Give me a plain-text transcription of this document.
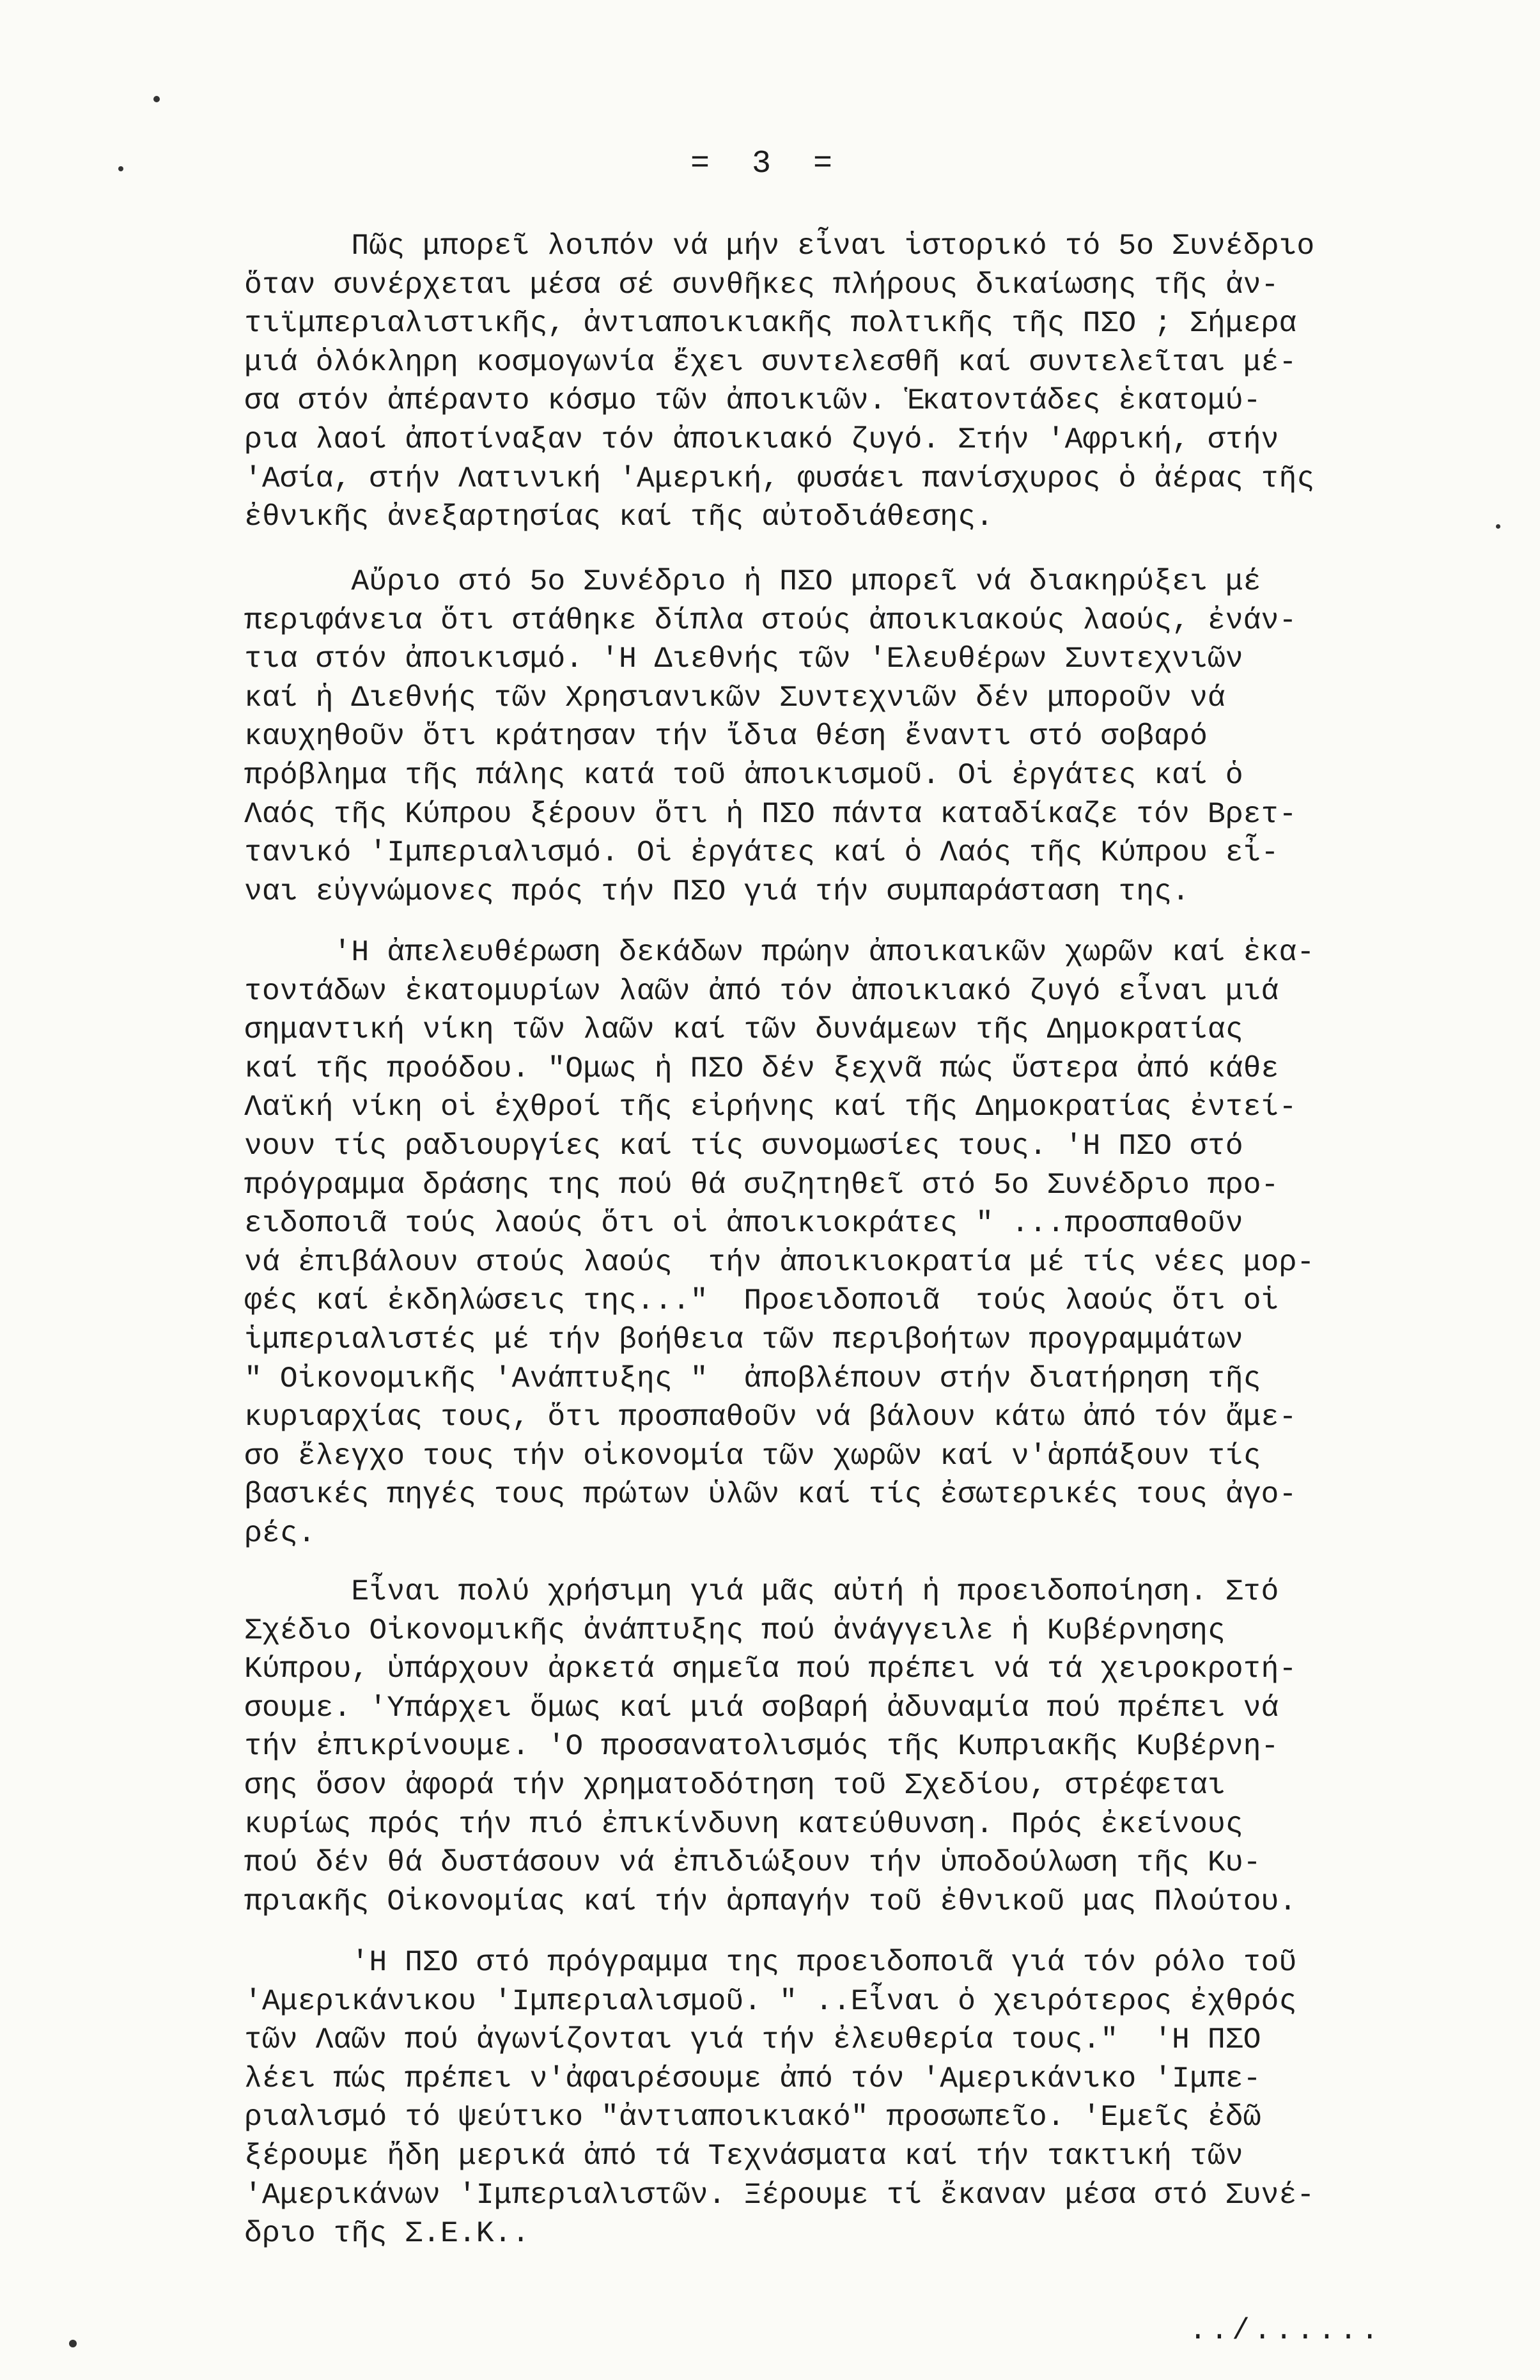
= 3 =

Πῶς μπορεῖ λοιπόν νά μήν εἶναι ἱστορικό τό 5ο Συνέδριο
ὅταν συνέρχεται μέσα σέ συνθῆκες πλήρους δικαίωσης τῆς ἀν-
τιϊμπεριαλιστικῆς, ἀντιαποικιακῆς πολτικῆς τῆς ΠΣΟ ; Σήμερα
μιά ὁλόκληρη κοσμογωνία ἔχει συντελεσθῆ καί συντελεῖται μέ-
σα στόν ἀπέραντο κόσμο τῶν ἀποικιῶν. Ἑκατοντάδες ἑκατομύ-
ρια λαοί ἀποτίναξαν τόν ἀποικιακό ζυγό. Στήν 'Αφρική, στήν
'Ασία, στήν Λατινική 'Αμερική, φυσάει πανίσχυρος ὁ ἀέρας τῆς
ἐθνικῆς ἀνεξαρτησίας καί τῆς αὐτοδιάθεσης.

Αὔριο στό 5ο Συνέδριο ἡ ΠΣΟ μπορεῖ νά διακηρύξει μέ
περιφάνεια ὅτι στάθηκε δίπλα στούς ἀποικιακούς λαούς, ἐνάν-
τια στόν ἀποικισμό. 'Η Διεθνής τῶν 'Ελευθέρων Συντεχνιῶν
καί ἡ Διεθνής τῶν Χρησιανικῶν Συντεχνιῶν δέν μποροῦν νά
καυχηθοῦν ὅτι κράτησαν τήν ἴδια θέση ἔναντι στό σοβαρό
πρόβλημα τῆς πάλης κατά τοῦ ἀποικισμοῦ. Οἱ ἐργάτες καί ὁ
Λαός τῆς Κύπρου ξέρουν ὅτι ἡ ΠΣΟ πάντα καταδίκαζε τόν Βρετ-
τανικό 'Ιμπεριαλισμό. Οἱ ἐργάτες καί ὁ Λαός τῆς Κύπρου εἶ-
ναι εὐγνώμονες πρός τήν ΠΣΟ γιά τήν συμπαράσταση της.

'Η ἀπελευθέρωση δεκάδων πρώην ἀποικαικῶν χωρῶν καί ἑκα-
τοντάδων ἑκατομυρίων λαῶν ἀπό τόν ἀποικιακό ζυγό εἶναι μιά
σημαντική νίκη τῶν λαῶν καί τῶν δυνάμεων τῆς Δημοκρατίας
καί τῆς προόδου. "Ομως ἡ ΠΣΟ δέν ξεχνᾶ πώς ὕστερα ἀπό κάθε
Λαϊκή νίκη οἱ ἐχθροί τῆς εἰρήνης καί τῆς Δημοκρατίας ἐντεί-
νουν τίς ραδιουργίες καί τίς συνομωσίες τους. 'Η ΠΣΟ στό
πρόγραμμα δράσης της πού θά συζητηθεῖ στό 5ο Συνέδριο προ-
ειδοποιᾶ τούς λαούς ὅτι οἱ ἀποικιοκράτες " ...προσπαθοῦν
νά ἐπιβάλουν στούς λαούς  τήν ἀποικιοκρατία μέ τίς νέες μορ-
φές καί ἐκδηλώσεις της..."  Προειδοποιᾶ  τούς λαούς ὅτι οἱ
ἱμπεριαλιστές μέ τήν βοήθεια τῶν περιβοήτων προγραμμάτων
" Οἰκονομικῆς 'Ανάπτυξης "  ἀποβλέπουν στήν διατήρηση τῆς
κυριαρχίας τους, ὅτι προσπαθοῦν νά βάλουν κάτω ἀπό τόν ἄμε-
σο ἔλεγχο τους τήν οἰκονομία τῶν χωρῶν καί ν'ἁρπάξουν τίς
βασικές πηγές τους πρώτων ὑλῶν καί τίς ἐσωτερικές τους ἀγο-
ρές.

Εἶναι πολύ χρήσιμη γιά μᾶς αὐτή ἡ προειδοποίηση. Στό
Σχέδιο Οἰκονομικῆς ἀνάπτυξης πού ἀνάγγειλε ἡ Κυβέρνησης
Κύπρου, ὑπάρχουν ἀρκετά σημεῖα πού πρέπει νά τά χειροκροτή-
σουμε. 'Υπάρχει ὅμως καί μιά σοβαρή ἀδυναμία πού πρέπει νά
τήν ἐπικρίνουμε. 'Ο προσανατολισμός τῆς Κυπριακῆς Κυβέρνη-
σης ὅσον ἀφορά τήν χρηματοδότηση τοῦ Σχεδίου, στρέφεται
κυρίως πρός τήν πιό ἐπικίνδυνη κατεύθυνση. Πρός ἐκείνους
πού δέν θά δυστάσουν νά ἐπιδιώξουν τήν ὑποδούλωση τῆς Κυ-
πριακῆς Οἰκονομίας καί τήν ἁρπαγήν τοῦ ἐθνικοῦ μας Πλούτου.

'Η ΠΣΟ στό πρόγραμμα της προειδοποιᾶ γιά τόν ρόλο τοῦ
'Αμερικάνικου 'Ιμπεριαλισμοῦ. " ..Εἶναι ὁ χειρότερος ἐχθρός
τῶν Λαῶν πού ἀγωνίζονται γιά τήν ἐλευθερία τους."  'Η ΠΣΟ
λέει πώς πρέπει ν'ἀφαιρέσουμε ἀπό τόν 'Αμερικάνικο 'Ιμπε-
ριαλισμό τό ψεύτικο "ἀντιαποικιακό" προσωπεῖο. 'Εμεῖς ἐδῶ
ξέρουμε ἤδη μερικά ἀπό τά Τεχνάσματα καί τήν τακτική τῶν
'Αμερικάνων 'Ιμπεριαλιστῶν. Ξέρουμε τί ἔκαναν μέσα στό Συνέ-
δριο τῆς Σ.Ε.Κ..

../......
